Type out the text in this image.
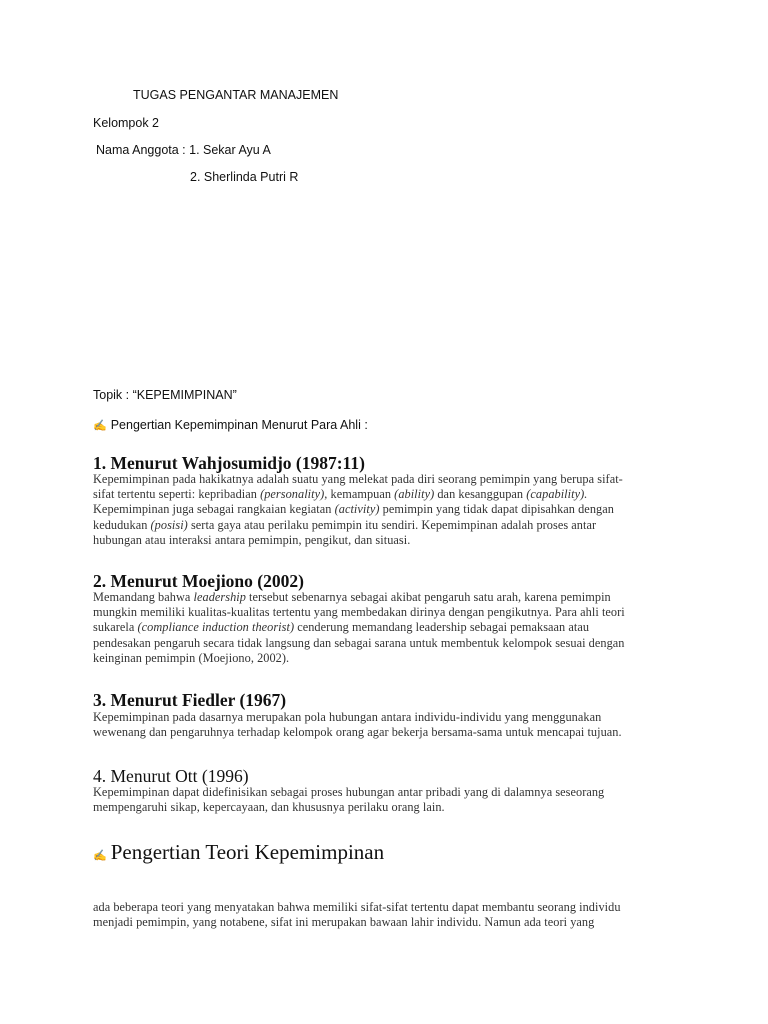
TUGAS PENGANTAR MANAJEMEN
Kelompok 2
Nama Anggota : 1. Sekar Ayu A
2. Sherlinda Putri R
Topik : “KEPEMIMPINAN”
✍ Pengertian Kepemimpinan Menurut Para Ahli :
1. Menurut Wahjosumidjo (1987:11)
Kepemimpinan pada hakikatnya adalah suatu yang melekat pada diri seorang pemimpin yang berupa sifat-
sifat tertentu seperti: kepribadian (personality), kemampuan (ability) dan kesanggupan (capability).
Kepemimpinan juga sebagai rangkaian kegiatan (activity) pemimpin yang tidak dapat dipisahkan dengan
kedudukan (posisi) serta gaya atau perilaku pemimpin itu sendiri. Kepemimpinan adalah proses antar
hubungan atau interaksi antara pemimpin, pengikut, dan situasi.
2. Menurut Moejiono (2002)
Memandang bahwa leadership tersebut sebenarnya sebagai akibat pengaruh satu arah, karena pemimpin
mungkin memiliki kualitas-kualitas tertentu yang membedakan dirinya dengan pengikutnya. Para ahli teori
sukarela (compliance induction theorist) cenderung memandang leadership sebagai pemaksaan atau
pendesakan pengaruh secara tidak langsung dan sebagai sarana untuk membentuk kelompok sesuai dengan
keinginan pemimpin (Moejiono, 2002).
3. Menurut Fiedler (1967)
Kepemimpinan pada dasarnya merupakan pola hubungan antara individu-individu yang menggunakan
wewenang dan pengaruhnya terhadap kelompok orang agar bekerja bersama-sama untuk mencapai tujuan.
4. Menurut Ott (1996)
Kepemimpinan dapat didefinisikan sebagai proses hubungan antar pribadi yang di dalamnya seseorang
mempengaruhi sikap, kepercayaan, dan khususnya perilaku orang lain.
✍ Pengertian Teori Kepemimpinan
ada beberapa teori yang menyatakan bahwa memiliki sifat-sifat tertentu dapat membantu seorang individu
menjadi pemimpin, yang notabene, sifat ini merupakan bawaan lahir individu. Namun ada teori yang
